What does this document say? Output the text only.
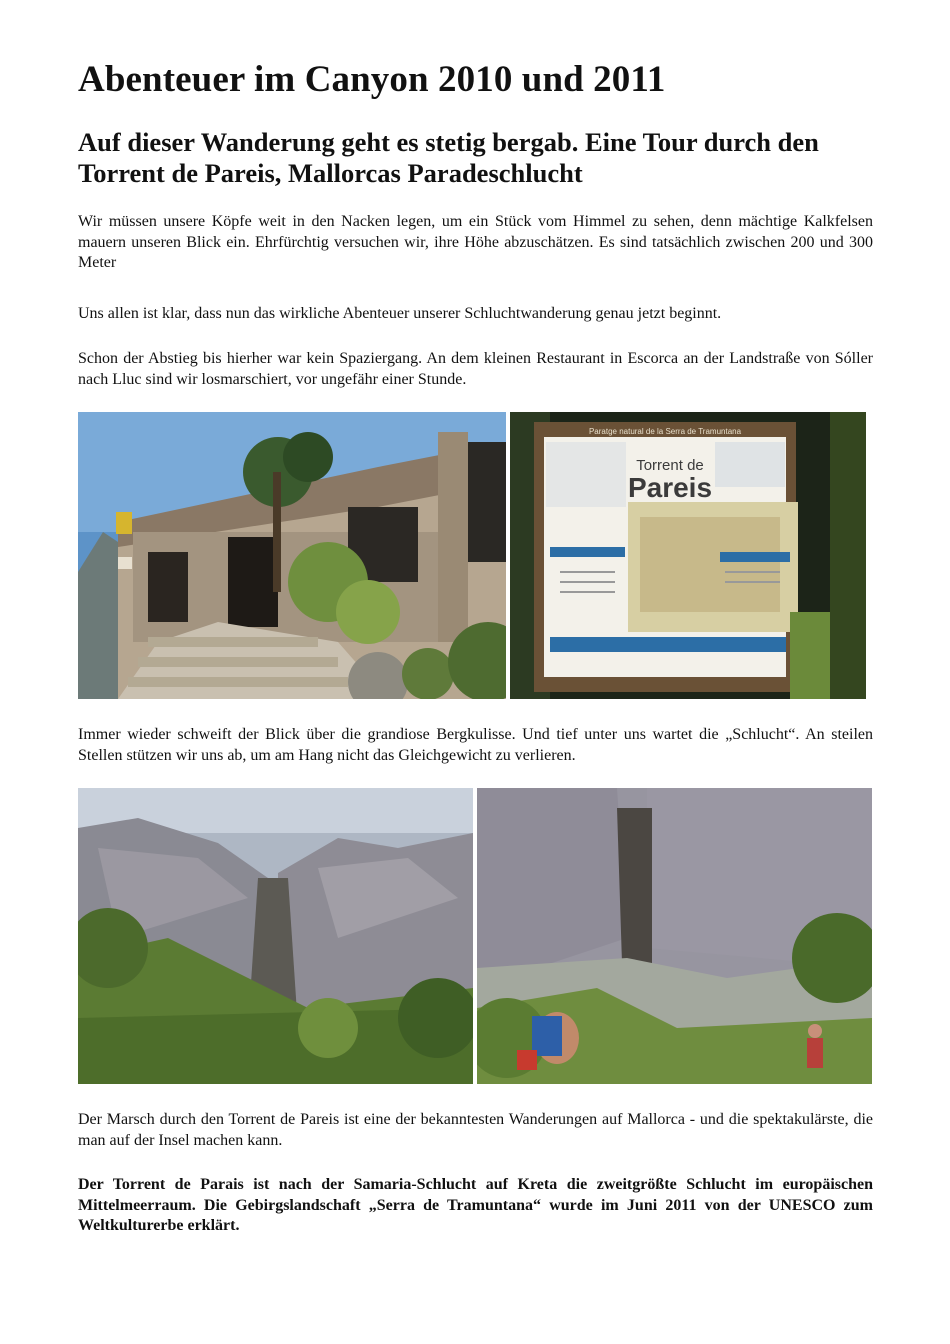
Abenteuer im Canyon 2010 und 2011
Auf dieser Wanderung geht es stetig bergab. Eine Tour durch den Torrent de Pareis, Mallorcas Paradeschlucht

Wir müssen unsere Köpfe weit in den Nacken legen, um ein Stück vom Himmel zu sehen, denn mächtige Kalkfelsen mauern unseren Blick ein. Ehrfürchtig versuchen wir, ihre Höhe abzuschätzen. Es sind tatsächlich zwischen 200 und 300 Meter

Uns allen ist klar, dass nun das wirkliche Abenteuer unserer Schluchtwanderung genau jetzt beginnt.

Schon der Abstieg bis hierher war kein Spaziergang. An dem kleinen Restaurant in Escorca an der Landstraße von Sóller nach Lluc sind wir losmarschiert, vor ungefähr einer Stunde.

Paratge natural de la Serra de Tramuntana
Torrent de
Pareis

Immer wieder schweift der Blick über die grandiose Bergkulisse. Und tief unter uns wartet die „Schlucht“. An steilen Stellen stützen wir uns ab, um am Hang nicht das Gleichgewicht zu verlieren.

Der Marsch durch den Torrent de Pareis ist eine der bekanntesten Wanderungen auf Mallorca - und die spektakulärste, die man auf der Insel machen kann.

Der Torrent de Parais ist nach der Samaria-Schlucht auf Kreta die zweitgrößte Schlucht im europäischen Mittelmeerraum. Die Gebirgslandschaft „Serra de Tramuntana“ wurde im Juni 2011 von der UNESCO zum Weltkulturerbe erklärt.
